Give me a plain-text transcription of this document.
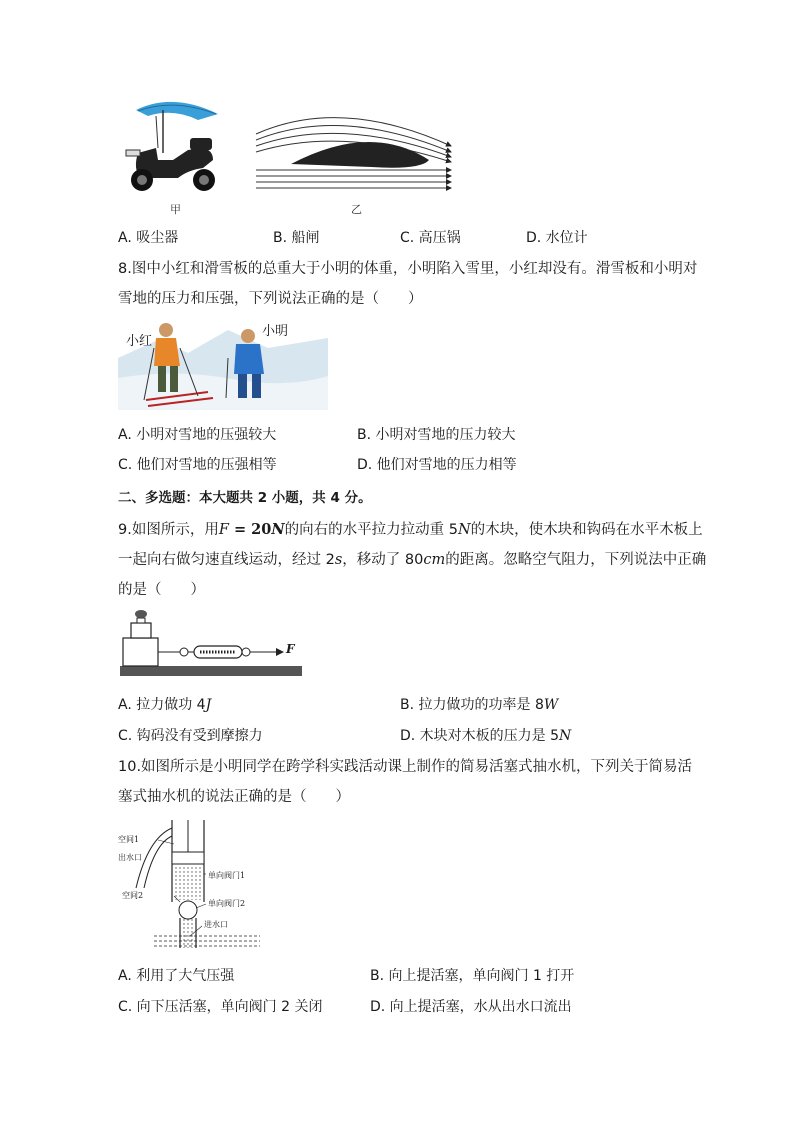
甲	乙
A. 吸尘器	B. 船闸	C. 高压锅	D. 水位计
8.图中小红和滑雪板的总重大于小明的体重，小明陷入雪里，小红却没有。滑雪板和小明对
雪地的压力和压强，下列说法正确的是（　　）
小红
小明
A. 小明对雪地的压强较大	B. 小明对雪地的压力较大
C. 他们对雪地的压强相等	D. 他们对雪地的压力相等
二、多选题：本大题共 2 小题，共 4 分。
9.如图所示，用F = 20N的向右的水平拉力拉动重 5N的木块，使木块和钩码在水平木板上
一起向右做匀速直线运动，经过 2s，移动了 80cm的距离。忽略空气阻力，下列说法中正确
的是（　　）
F
A. 拉力做功 4J	B. 拉力做功的功率是 8W
C. 钩码没有受到摩擦力	D. 木块对木板的压力是 5N
10.如图所示是小明同学在跨学科实践活动课上制作的简易活塞式抽水机，下列关于简易活
塞式抽水机的说法正确的是（　　）
空间1
出水口
单向阀门1
空间2
单向阀门2
进水口
A. 利用了大气压强	B. 向上提活塞，单向阀门 1 打开
C. 向下压活塞，单向阀门 2 关闭	D. 向上提活塞，水从出水口流出
